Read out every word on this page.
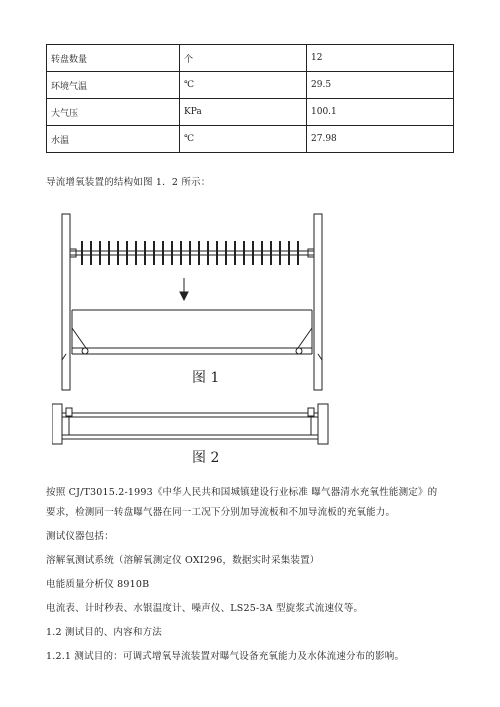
转盘数量	个	12
环境气温	℃	29.5
大气压	KPa	100.1
水温	℃	27.98
导流增氧装置的结构如图 1．2 所示：
图 1
图 2
按照 CJ/T3015.2-1993《中华人民共和国城镇建设行业标准 曝气器清水充氧性能测定》的
要求，检测同一转盘曝气器在同一工况下分别加导流板和不加导流板的充氧能力。
测试仪器包括：
溶解氧测试系统（溶解氧测定仪 OXI296，数据实时采集装置）
电能质量分析仪 8910B
电流表、计时秒表、水银温度计、噪声仪、LS25-3A 型旋浆式流速仪等。
1.2 测试目的、内容和方法
1.2.1 测试目的：可调式增氧导流装置对曝气设备充氧能力及水体流速分布的影响。
